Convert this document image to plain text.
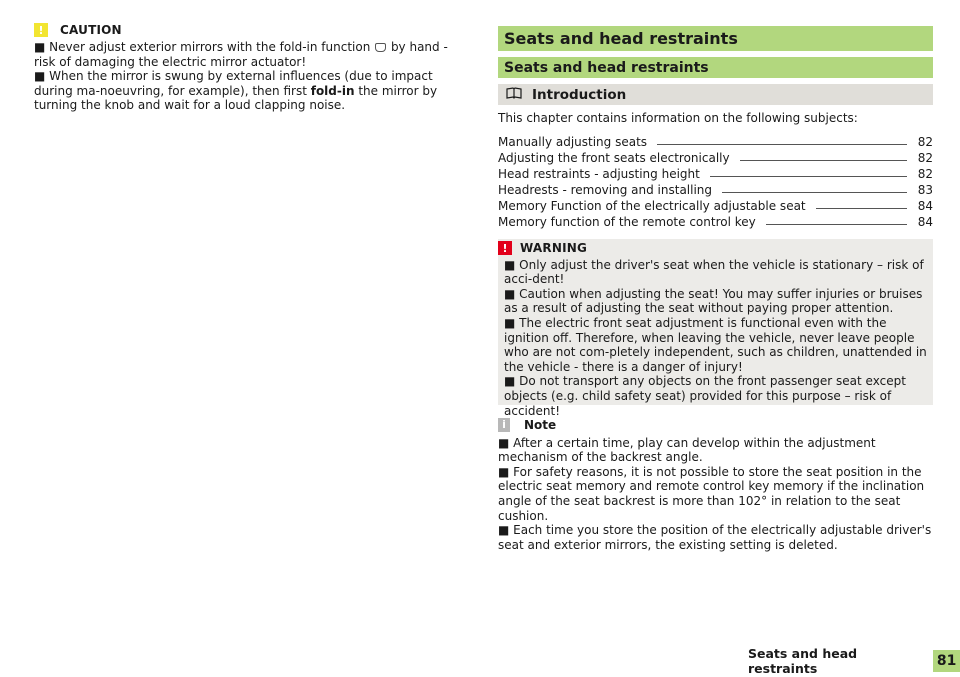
!	CAUTION

■ Never adjust exterior mirrors with the fold-in function  by hand - risk of damaging the electric mirror actuator!

■ When the mirror is swung by external influences (due to impact during ma-noeuvring, for example), then first fold-in the mirror by turning the knob and wait for a loud clapping noise.

Seats and head restraints
Seats and head restraints
Introduction

This chapter contains information on the following subjects:

Manually adjusting seats	82
Adjusting the front seats electronically	82
Head restraints - adjusting height	82
Headrests - removing and installing	83
Memory Function of the electrically adjustable seat	84
Memory function of the remote control key	84
!	WARNING

■ Only adjust the driver's seat when the vehicle is stationary – risk of acci-dent!

■ Caution when adjusting the seat! You may suffer injuries or bruises as a result of adjusting the seat without paying proper attention.

■ The electric front seat adjustment is functional even with the ignition off. Therefore, when leaving the vehicle, never leave people who are not com-pletely independent, such as children, unattended in the vehicle - there is a danger of injury!

■ Do not transport any objects on the front passenger seat except objects (e.g. child safety seat) provided for this purpose – risk of accident!

i	Note

■ After a certain time, play can develop within the adjustment mechanism of the backrest angle.

■ For safety reasons, it is not possible to store the seat position in the electric seat memory and remote control key memory if the inclination angle of the seat backrest is more than 102° in relation to the seat cushion.

■ Each time you store the position of the electrically adjustable driver's seat and exterior mirrors, the existing setting is deleted.

Seats and head restraints	81
